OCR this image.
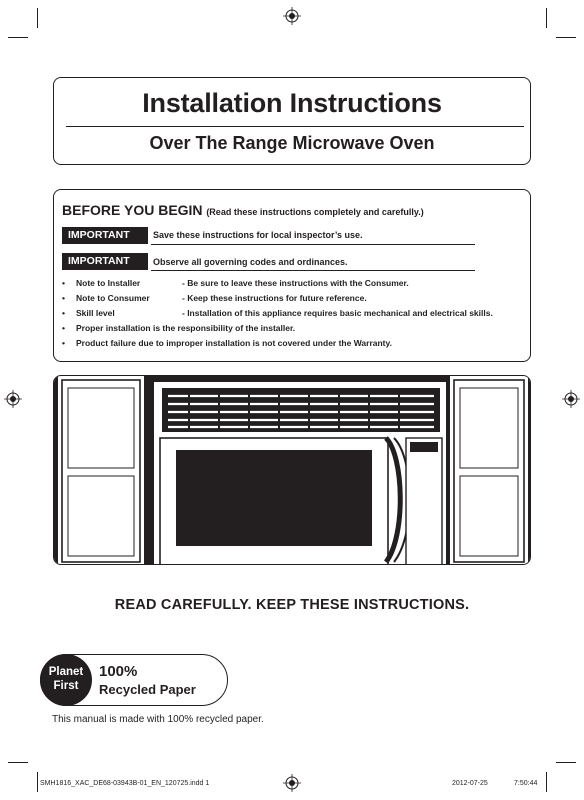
Installation Instructions
Over The Range Microwave Oven
BEFORE YOU BEGIN (Read these instructions completely and carefully.)
IMPORTANT	Save these instructions for local inspector’s use.
IMPORTANT	Observe all governing codes and ordinances.
• Note to Installer	- Be sure to leave these instructions with the Consumer.
• Note to Consumer	- Keep these instructions for future reference.
• Skill level	- Installation of this appliance requires basic mechanical and electrical skills.
• Proper installation is the responsibility of the installer.
• Product failure due to improper installation is not covered under the Warranty.
READ CAREFULLY. KEEP THESE INSTRUCTIONS.
Planet
First
100%
Recycled Paper
This manual is made with 100% recycled paper.
SMH1816_XAC_DE68-03943B-01_EN_120725.indd 1	2012-07-25	7:50:44
